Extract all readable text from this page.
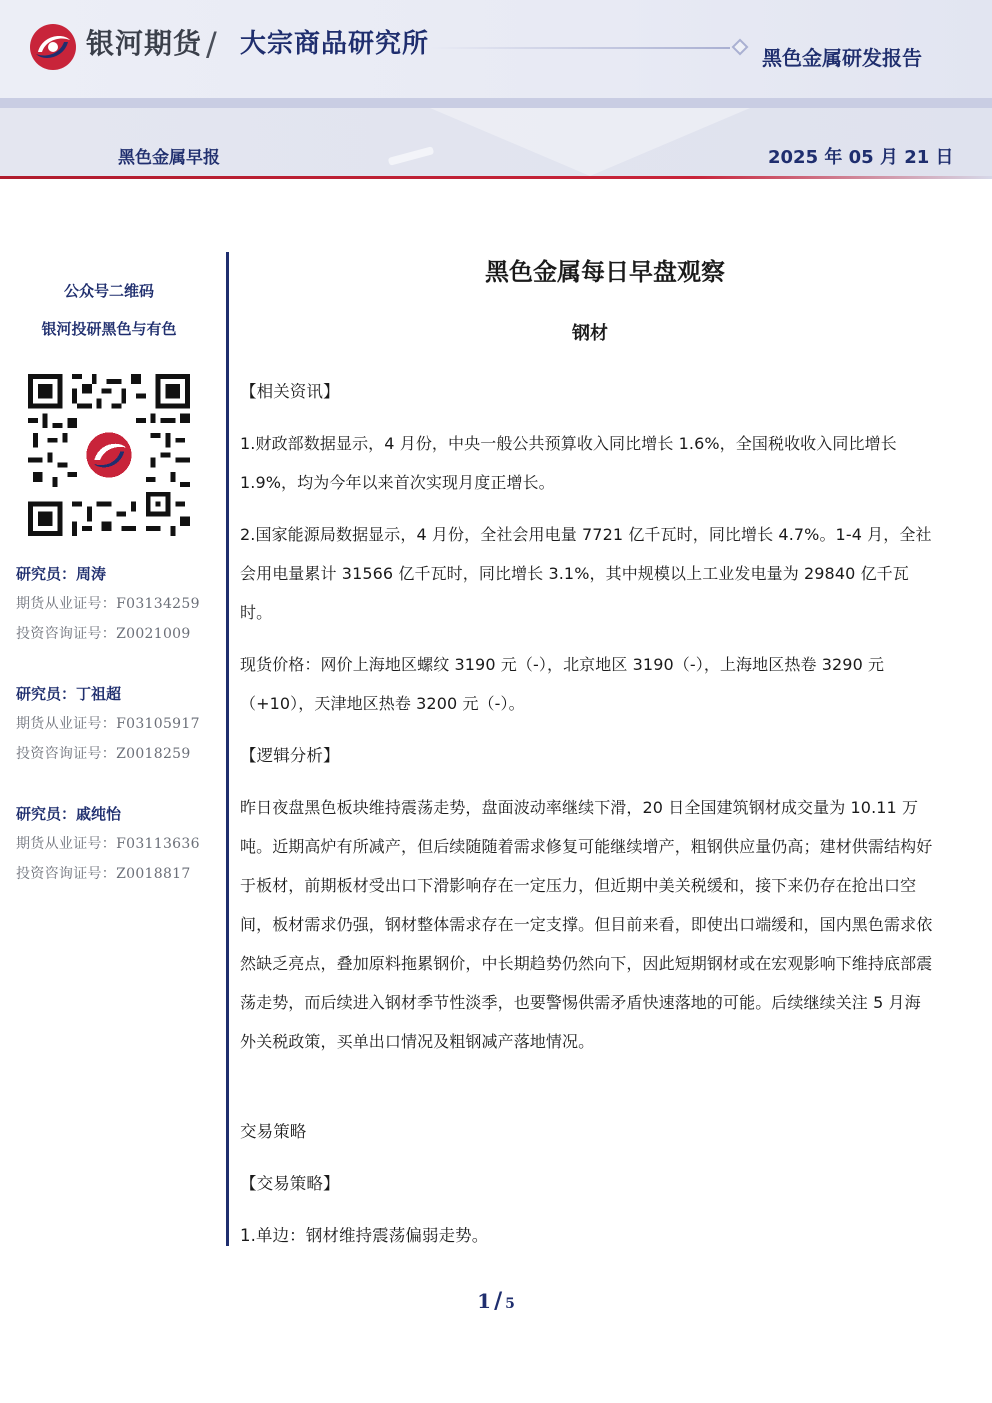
银河期货 / 大宗商品研究所	黑色金属研发报告
黑色金属早报	2025 年 05 月 21 日
公众号二维码
银河投研黑色与有色
研究员：周涛
期货从业证号：F03134259
投资咨询证号：Z0021009
研究员：丁祖超
期货从业证号：F03105917
投资咨询证号：Z0018259
研究员：戚纯怡
期货从业证号：F03113636
投资咨询证号：Z0018817
黑色金属每日早盘观察
钢材
【相关资讯】
1.财政部数据显示，4 月份，中央一般公共预算收入同比增长 1.6%，全国税收收入同比增长 1.9%，均为今年以来首次实现月度正增长。
2.国家能源局数据显示，4 月份，全社会用电量 7721 亿千瓦时，同比增长 4.7%。1-4 月，全社会用电量累计 31566 亿千瓦时，同比增长 3.1%，其中规模以上工业发电量为 29840 亿千瓦时。
现货价格：网价上海地区螺纹 3190 元（-），北京地区 3190（-），上海地区热卷 3290 元（+10），天津地区热卷 3200 元（-）。
【逻辑分析】
昨日夜盘黑色板块维持震荡走势，盘面波动率继续下滑，20 日全国建筑钢材成交量为 10.11 万吨。近期高炉有所减产，但后续随随着需求修复可能继续增产，粗钢供应量仍高；建材供需结构好于板材，前期板材受出口下滑影响存在一定压力，但近期中美关税缓和，接下来仍存在抢出口空间，板材需求仍强，钢材整体需求存在一定支撑。但目前来看，即使出口端缓和，国内黑色需求依然缺乏亮点，叠加原料拖累钢价，中长期趋势仍然向下，因此短期钢材或在宏观影响下维持底部震荡走势，而后续进入钢材季节性淡季，也要警惕供需矛盾快速落地的可能。后续继续关注 5 月海外关税政策，买单出口情况及粗钢减产落地情况。
交易策略
【交易策略】
1.单边：钢材维持震荡偏弱走势。
1 / 5
